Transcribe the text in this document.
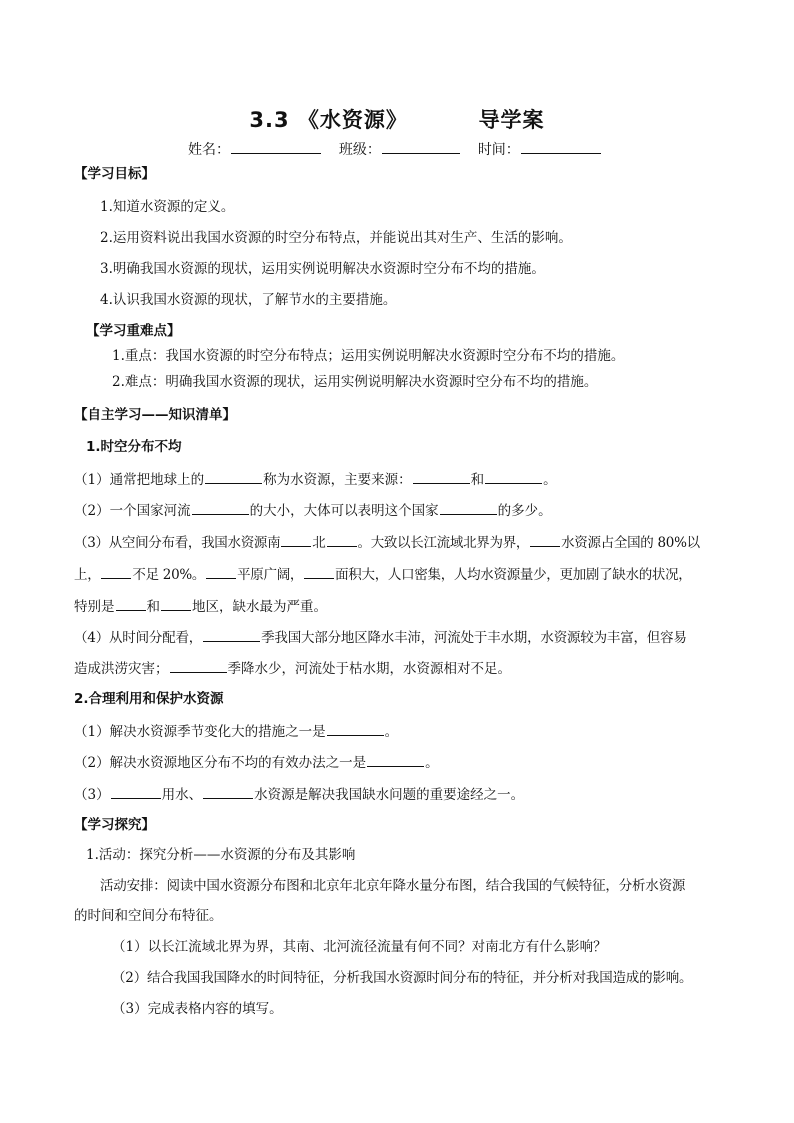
3.3 《水资源》	导学案
姓名：	班级：	时间：
【学习目标】
1.知道水资源的定义。
2.运用资料说出我国水资源的时空分布特点，并能说出其对生产、生活的影响。
3.明确我国水资源的现状，运用实例说明解决水资源时空分布不均的措施。
4.认识我国水资源的现状，了解节水的主要措施。
【学习重难点】
1.重点：我国水资源的时空分布特点；运用实例说明解决水资源时空分布不均的措施。
2.难点：明确我国水资源的现状，运用实例说明解决水资源时空分布不均的措施。
【自主学习——知识清单】
1.时空分布不均
（1）通常把地球上的	称为水资源，主要来源：	和	。
（2）一个国家河流	的大小，大体可以表明这个国家	的多少。
（3）从空间分布看，我国水资源南 北 。大致以长江流域北界为界， 水资源占全国的 80%以
上， 不足 20%。 平原广阔， 面积大，人口密集，人均水资源量少，更加剧了缺水的状况，
特别是 和 地区，缺水最为严重。
（4）从时间分配看，	季我国大部分地区降水丰沛，河流处于丰水期，水资源较为丰富，但容易
造成洪涝灾害；	季降水少，河流处于枯水期，水资源相对不足。
2.合理利用和保护水资源
（1）解决水资源季节变化大的措施之一是	。
（2）解决水资源地区分布不均的有效办法之一是	。
（3）	用水、	水资源是解决我国缺水问题的重要途经之一。
【学习探究】
1.活动：探究分析——水资源的分布及其影响
活动安排：阅读中国水资源分布图和北京年北京年降水量分布图，结合我国的气候特征，分析水资源
的时间和空间分布特征。
（1）以长江流域北界为界，其南、北河流径流量有何不同？对南北方有什么影响？
（2）结合我国我国降水的时间特征，分析我国水资源时间分布的特征，并分析对我国造成的影响。
（3）完成表格内容的填写。
